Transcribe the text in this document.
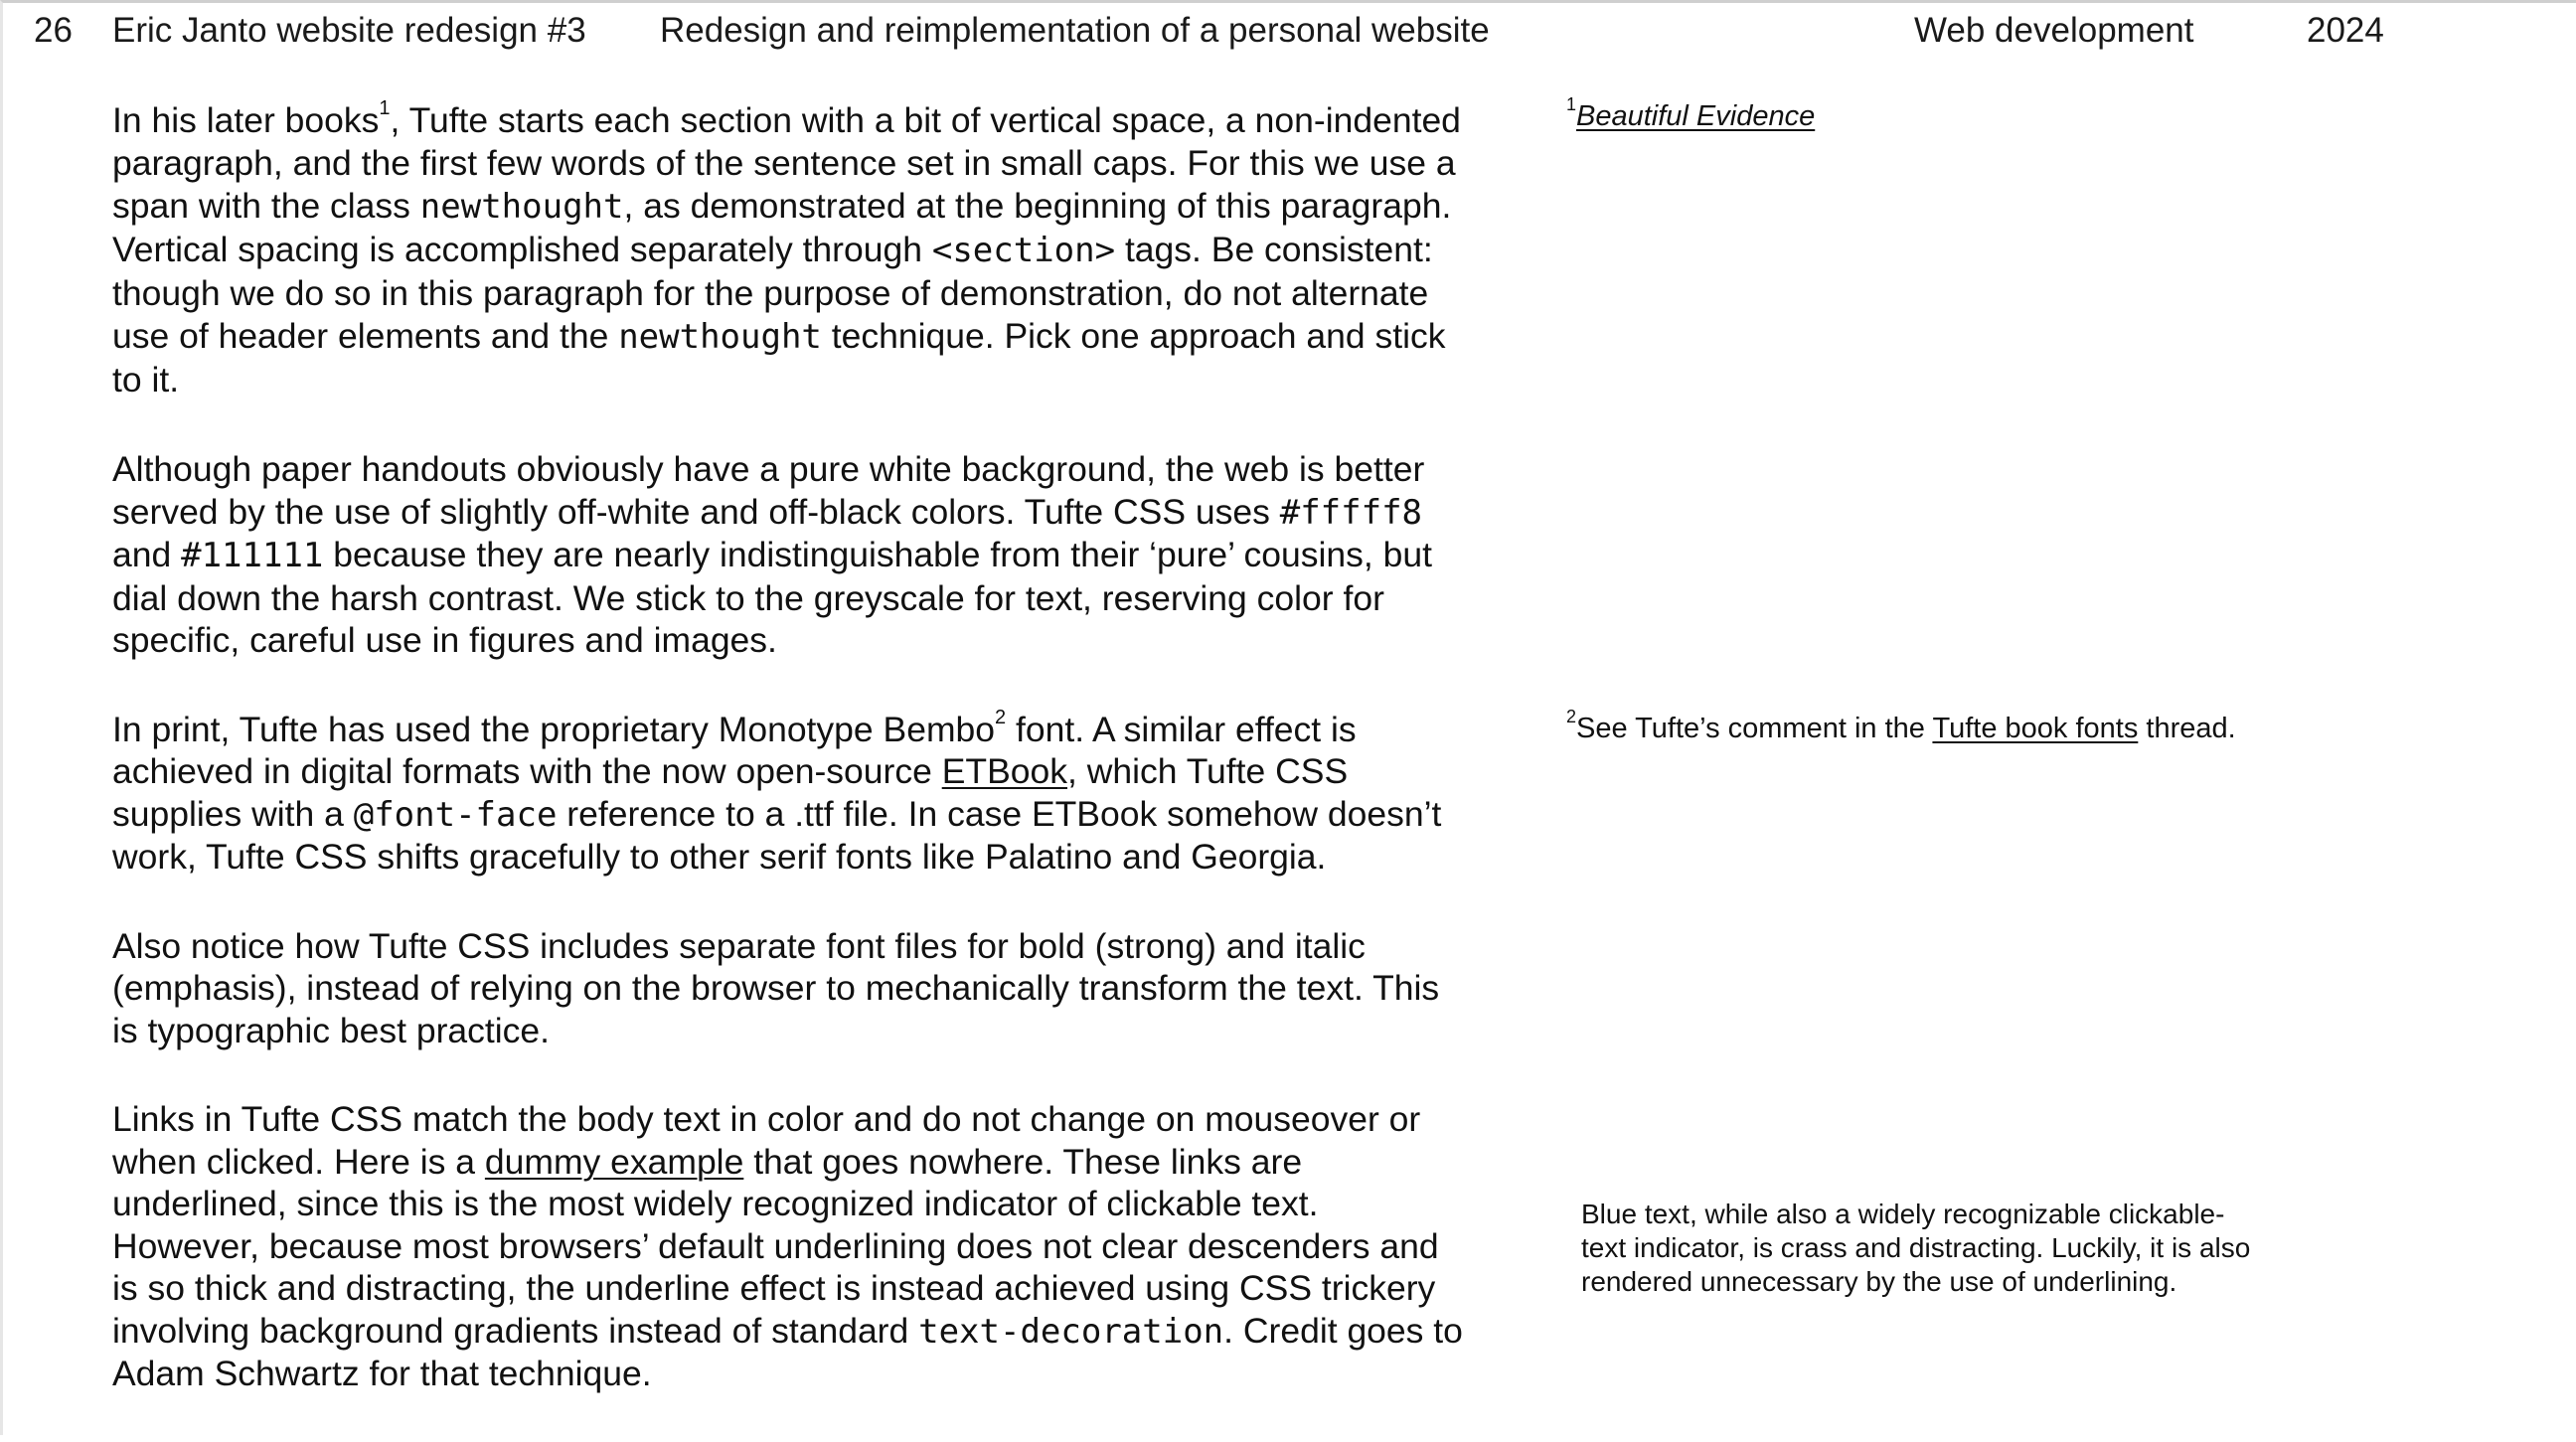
26 Eric Janto website redesign #3 Redesign and reimplementation of a personal website	Web development	2024

In his later books$^1$, Tufte starts each section with a bit of vertical space, a non-indented paragraph, and the first few words of the sentence set in small caps. For this we use a span with the class newthought, as demonstrated at the beginning of this paragraph. Vertical spacing is accomplished separately through <section> tags. Be consistent: though we do so in this paragraph for the purpose of demonstration, do not alternate use of header elements and the newthought technique. Pick one approach and stick to it.

Although paper handouts obviously have a pure white background, the web is better served by the use of slightly off-white and off-black colors. Tufte CSS uses #fffff8 and #111111 because they are nearly indistinguishable from their ‘pure’ cousins, but dial down the harsh contrast. We stick to the greyscale for text, reserving color for specific, careful use in figures and images.

In print, Tufte has used the proprietary Monotype Bembo$^2$ font. A similar effect is achieved in digital formats with the now open-source ETBook, which Tufte CSS supplies with a @font-face reference to a .ttf file. In case ETBook somehow doesn’t work, Tufte CSS shifts gracefully to other serif fonts like Palatino and Georgia.

Also notice how Tufte CSS includes separate font files for bold (strong) and italic (emphasis), instead of relying on the browser to mechanically transform the text. This is typographic best practice.

Links in Tufte CSS match the body text in color and do not change on mouseover or when clicked. Here is a dummy example that goes nowhere. These links are underlined, since this is the most widely recognized indicator of clickable text. However, because most browsers’ default underlining does not clear descenders and is so thick and distracting, the underline effect is instead achieved using CSS trickery involving background gradients instead of standard text-decoration. Credit goes to Adam Schwartz for that technique.

$^1$Beautiful Evidence
$^2$See Tufte’s comment in the Tufte book fonts thread.
Blue text, while also a widely recognizable clickable-text indicator, is crass and distracting. Luckily, it is also rendered unnecessary by the use of underlining.
